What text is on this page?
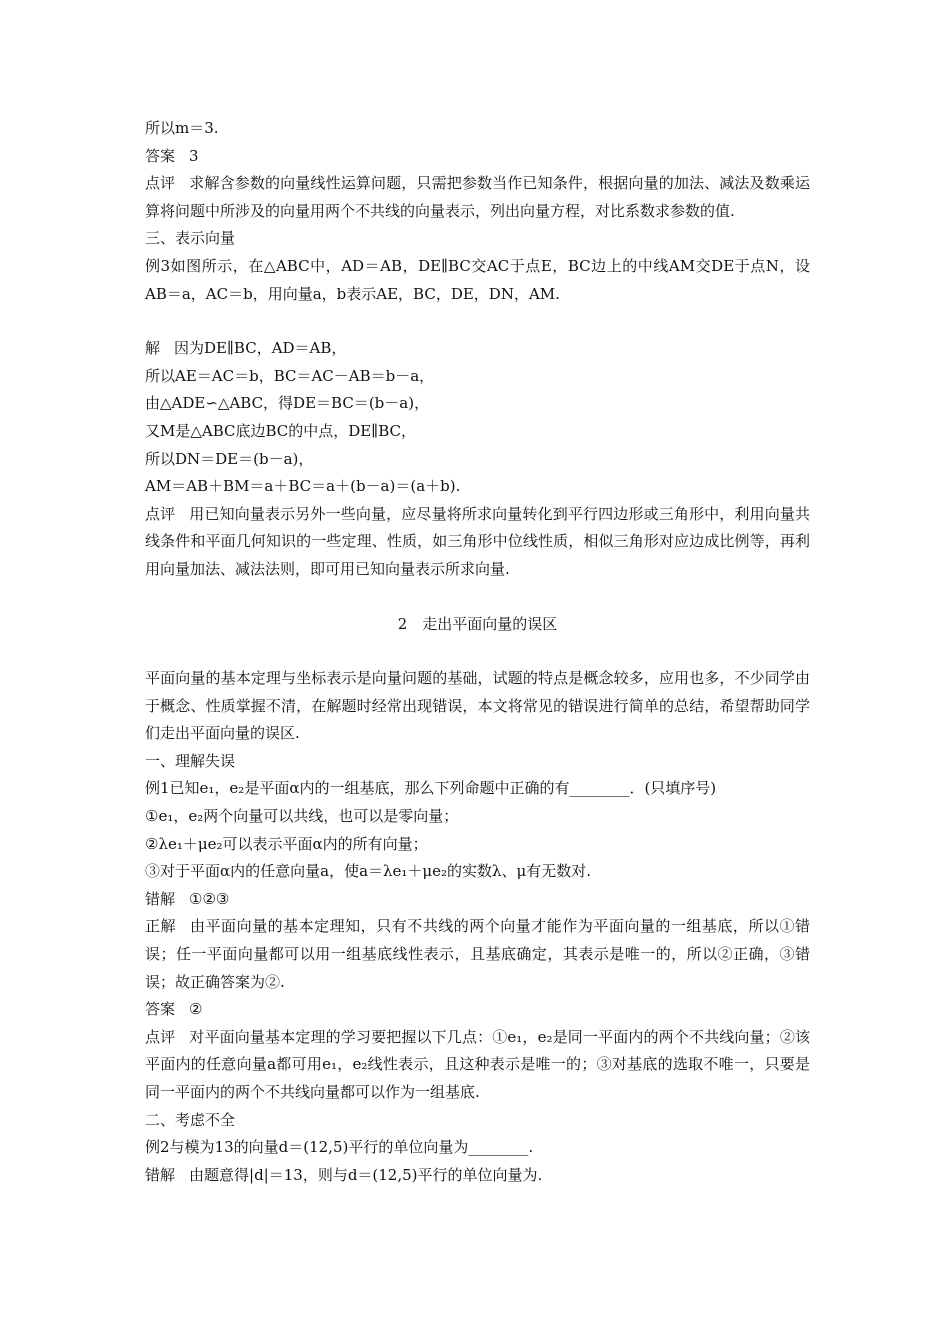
所以m＝3.

答案 3

点评 求解含参数的向量线性运算问题，只需把参数当作已知条件，根据向量的加法、减法及数乘运算将问题中所涉及的向量用两个不共线的向量表示，列出向量方程，对比系数求参数的值.

三、表示向量

例3如图所示，在△ABC中，AD＝AB，DE∥BC交AC于点E，BC边上的中线AM交DE于点N，设AB＝a，AC＝b，用向量a，b表示AE，BC，DE，DN，AM.

解 因为DE∥BC，AD＝AB，

所以AE＝AC＝b，BC＝AC－AB＝b－a，

由△ADE∽△ABC，得DE＝BC＝(b－a)，

又M是△ABC底边BC的中点，DE∥BC，

所以DN＝DE＝(b－a)，

AM＝AB＋BM＝a＋BC＝a＋(b－a)＝(a＋b).

点评 用已知向量表示另外一些向量，应尽量将所求向量转化到平行四边形或三角形中，利用向量共线条件和平面几何知识的一些定理、性质，如三角形中位线性质，相似三角形对应边成比例等，再利用向量加法、减法法则，即可用已知向量表示所求向量.

2　走出平面向量的误区

平面向量的基本定理与坐标表示是向量问题的基础，试题的特点是概念较多，应用也多，不少同学由于概念、性质掌握不清，在解题时经常出现错误，本文将常见的错误进行简单的总结，希望帮助同学们走出平面向量的误区.

一、理解失误

例1已知e₁，e₂是平面α内的一组基底，那么下列命题中正确的有________．(只填序号)

①e₁，e₂两个向量可以共线，也可以是零向量；

②λe₁＋μe₂可以表示平面α内的所有向量；

③对于平面α内的任意向量a，使a＝λe₁＋μe₂的实数λ、μ有无数对.

错解 ①②③

正解 由平面向量的基本定理知，只有不共线的两个向量才能作为平面向量的一组基底，所以①错误；任一平面向量都可以用一组基底线性表示，且基底确定，其表示是唯一的，所以②正确，③错误；故正确答案为②.

答案 ②

点评 对平面向量基本定理的学习要把握以下几点：①e₁，e₂是同一平面内的两个不共线向量；②该平面内的任意向量a都可用e₁，e₂线性表示，且这种表示是唯一的；③对基底的选取不唯一，只要是同一平面内的两个不共线向量都可以作为一组基底.

二、考虑不全

例2与模为13的向量d＝(12,5)平行的单位向量为________.

错解 由题意得|d|＝13，则与d＝(12,5)平行的单位向量为.
